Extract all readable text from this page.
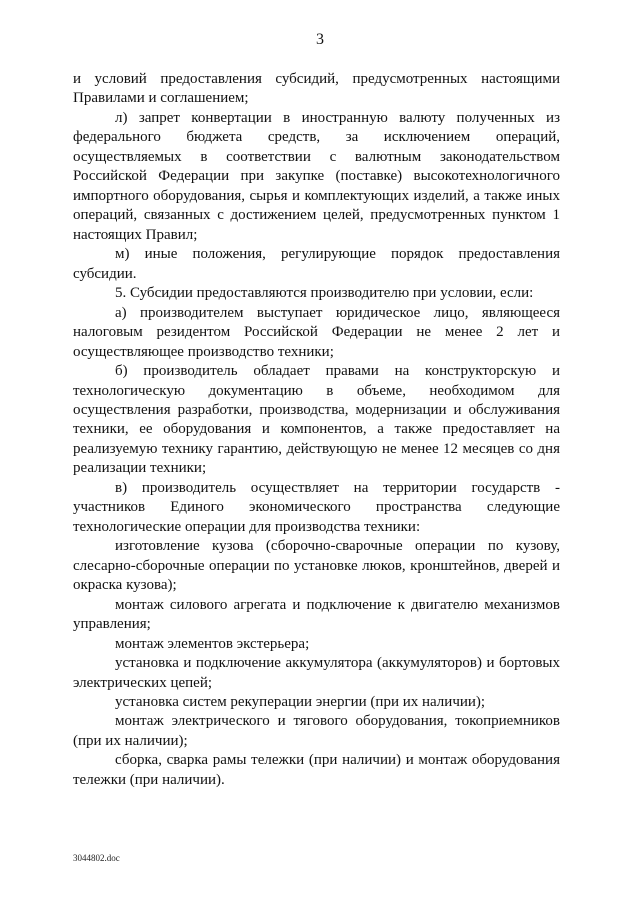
3
и условий предоставления субсидий, предусмотренных настоящими
Правилами и соглашением;
л) запрет конвертации в иностранную валюту полученных из
федерального бюджета средств, за исключением операций,
осуществляемых в соответствии с валютным законодательством
Российской Федерации при закупке (поставке) высокотехнологичного
импортного оборудования, сырья и комплектующих изделий, а также иных
операций, связанных с достижением целей, предусмотренных пунктом 1
настоящих Правил;
м) иные положения, регулирующие порядок предоставления
субсидии.
5. Субсидии предоставляются производителю при условии, если:
а) производителем выступает юридическое лицо, являющееся
налоговым резидентом Российской Федерации не менее 2 лет и
осуществляющее производство техники;
б) производитель обладает правами на конструкторскую и
технологическую документацию в объеме, необходимом для
осуществления разработки, производства, модернизации и обслуживания
техники, ее оборудования и компонентов, а также предоставляет на
реализуемую технику гарантию, действующую не менее 12 месяцев со дня
реализации техники;
в) производитель осуществляет на территории государств -
участников Единого экономического пространства следующие
технологические операции для производства техники:
изготовление кузова (сборочно-сварочные операции по кузову,
слесарно-сборочные операции по установке люков, кронштейнов, дверей и
окраска кузова);
монтаж силового агрегата и подключение к двигателю механизмов
управления;
монтаж элементов экстерьера;
установка и подключение аккумулятора (аккумуляторов) и бортовых
электрических цепей;
установка систем рекуперации энергии (при их наличии);
монтаж электрического и тягового оборудования, токоприемников
(при их наличии);
сборка, сварка рамы тележки (при наличии) и монтаж оборудования
тележки (при наличии).
3044802.doc
